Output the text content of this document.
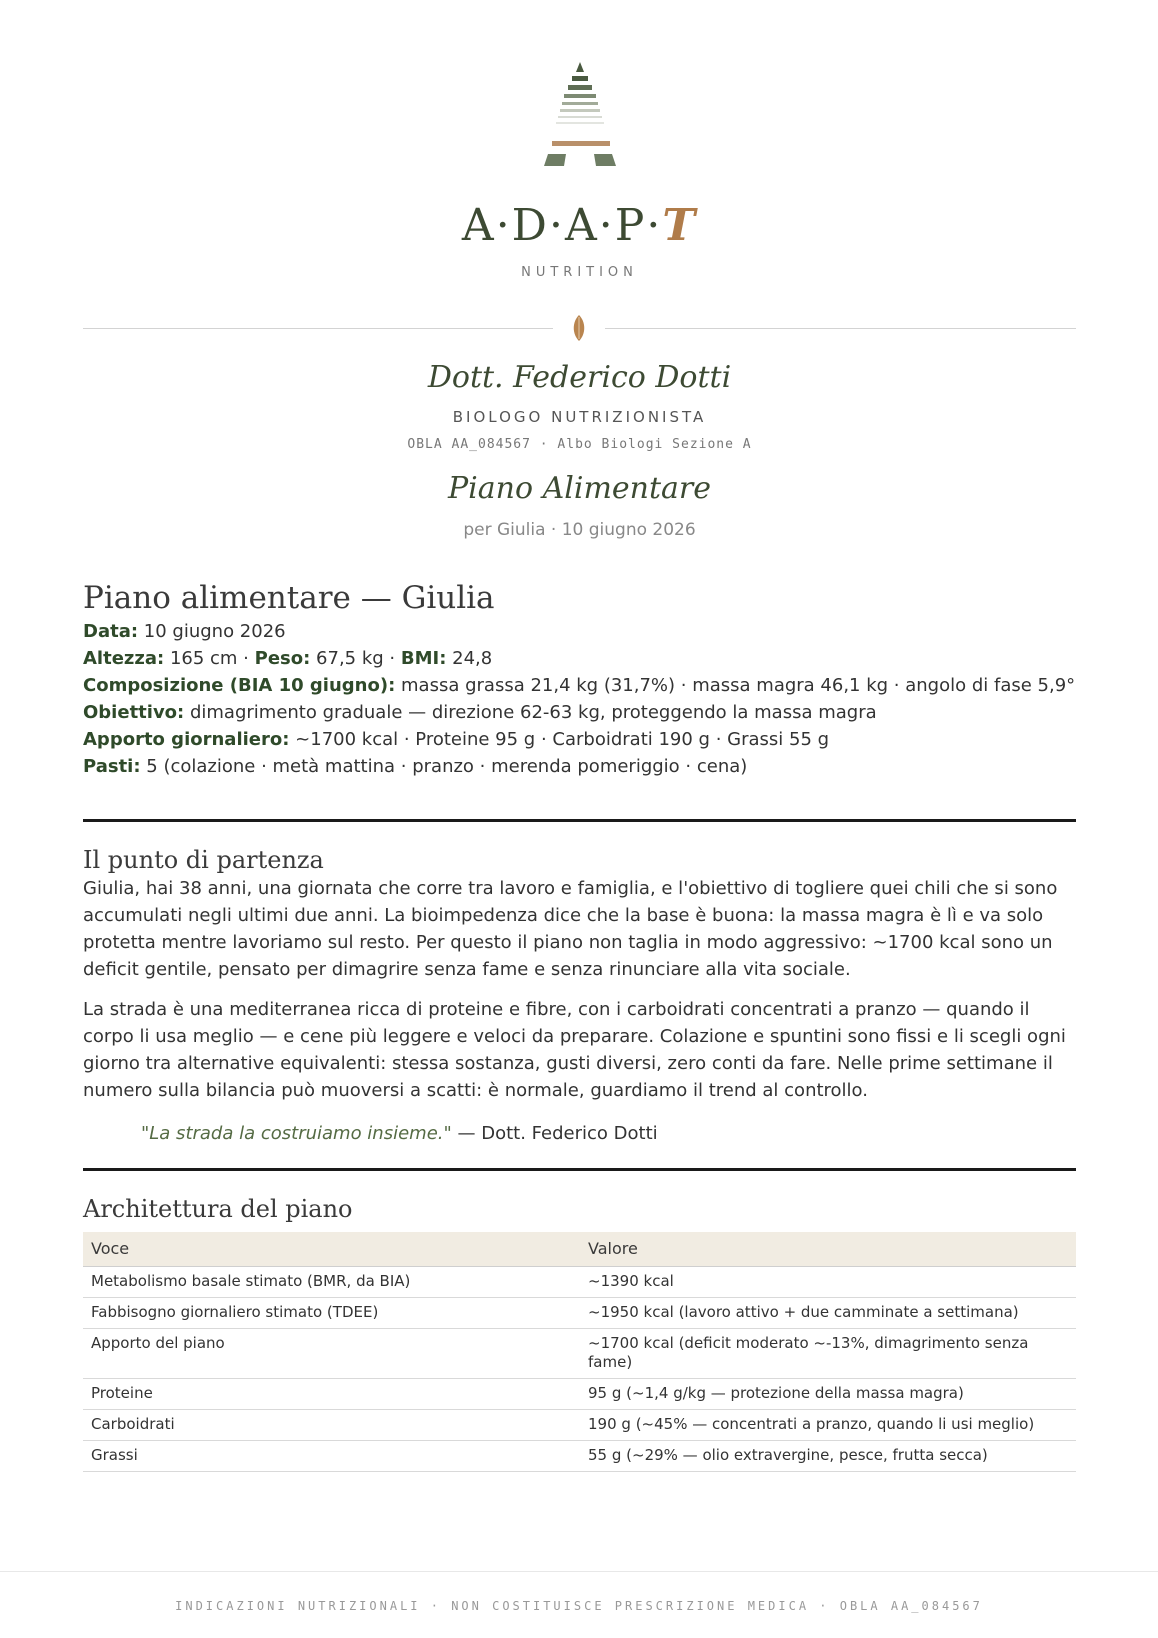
A·D·A·P·T
NUTRITION
Dott. Federico Dotti
BIOLOGO NUTRIZIONISTA
OBLA AA_084567 · Albo Biologi Sezione A
Piano Alimentare
per Giulia · 10 giugno 2026
Piano alimentare — Giulia
Data: 10 giugno 2026
Altezza: 165 cm · Peso: 67,5 kg · BMI: 24,8
Composizione (BIA 10 giugno): massa grassa 21,4 kg (31,7%) · massa magra 46,1 kg · angolo di fase 5,9°
Obiettivo: dimagrimento graduale — direzione 62-63 kg, proteggendo la massa magra
Apporto giornaliero: ~1700 kcal · Proteine 95 g · Carboidrati 190 g · Grassi 55 g
Pasti: 5 (colazione · metà mattina · pranzo · merenda pomeriggio · cena)
Il punto di partenza

Giulia, hai 38 anni, una giornata che corre tra lavoro e famiglia, e l'obiettivo di togliere quei chili che si sono accumulati negli ultimi due anni. La bioimpedenza dice che la base è buona: la massa magra è lì e va solo protetta mentre lavoriamo sul resto. Per questo il piano non taglia in modo aggressivo: ~1700 kcal sono un deficit gentile, pensato per dimagrire senza fame e senza rinunciare alla vita sociale.

La strada è una mediterranea ricca di proteine e fibre, con i carboidrati concentrati a pranzo — quando il corpo li usa meglio — e cene più leggere e veloci da preparare. Colazione e spuntini sono fissi e li scegli ogni giorno tra alternative equivalenti: stessa sostanza, gusti diversi, zero conti da fare. Nelle prime settimane il numero sulla bilancia può muoversi a scatti: è normale, guardiamo il trend al controllo.

"La strada la costruiamo insieme." — Dott. Federico Dotti
Architettura del piano
Voce	Valore
Metabolismo basale stimato (BMR, da BIA)	~1390 kcal
Fabbisogno giornaliero stimato (TDEE)	~1950 kcal (lavoro attivo + due camminate a settimana)
Apporto del piano	~1700 kcal (deficit moderato ~-13%, dimagrimento senza fame)
Proteine	95 g (~1,4 g/kg — protezione della massa magra)
Carboidrati	190 g (~45% — concentrati a pranzo, quando li usi meglio)
Grassi	55 g (~29% — olio extravergine, pesce, frutta secca)
INDICAZIONI NUTRIZIONALI · NON COSTITUISCE PRESCRIZIONE MEDICA · OBLA AA_084567
